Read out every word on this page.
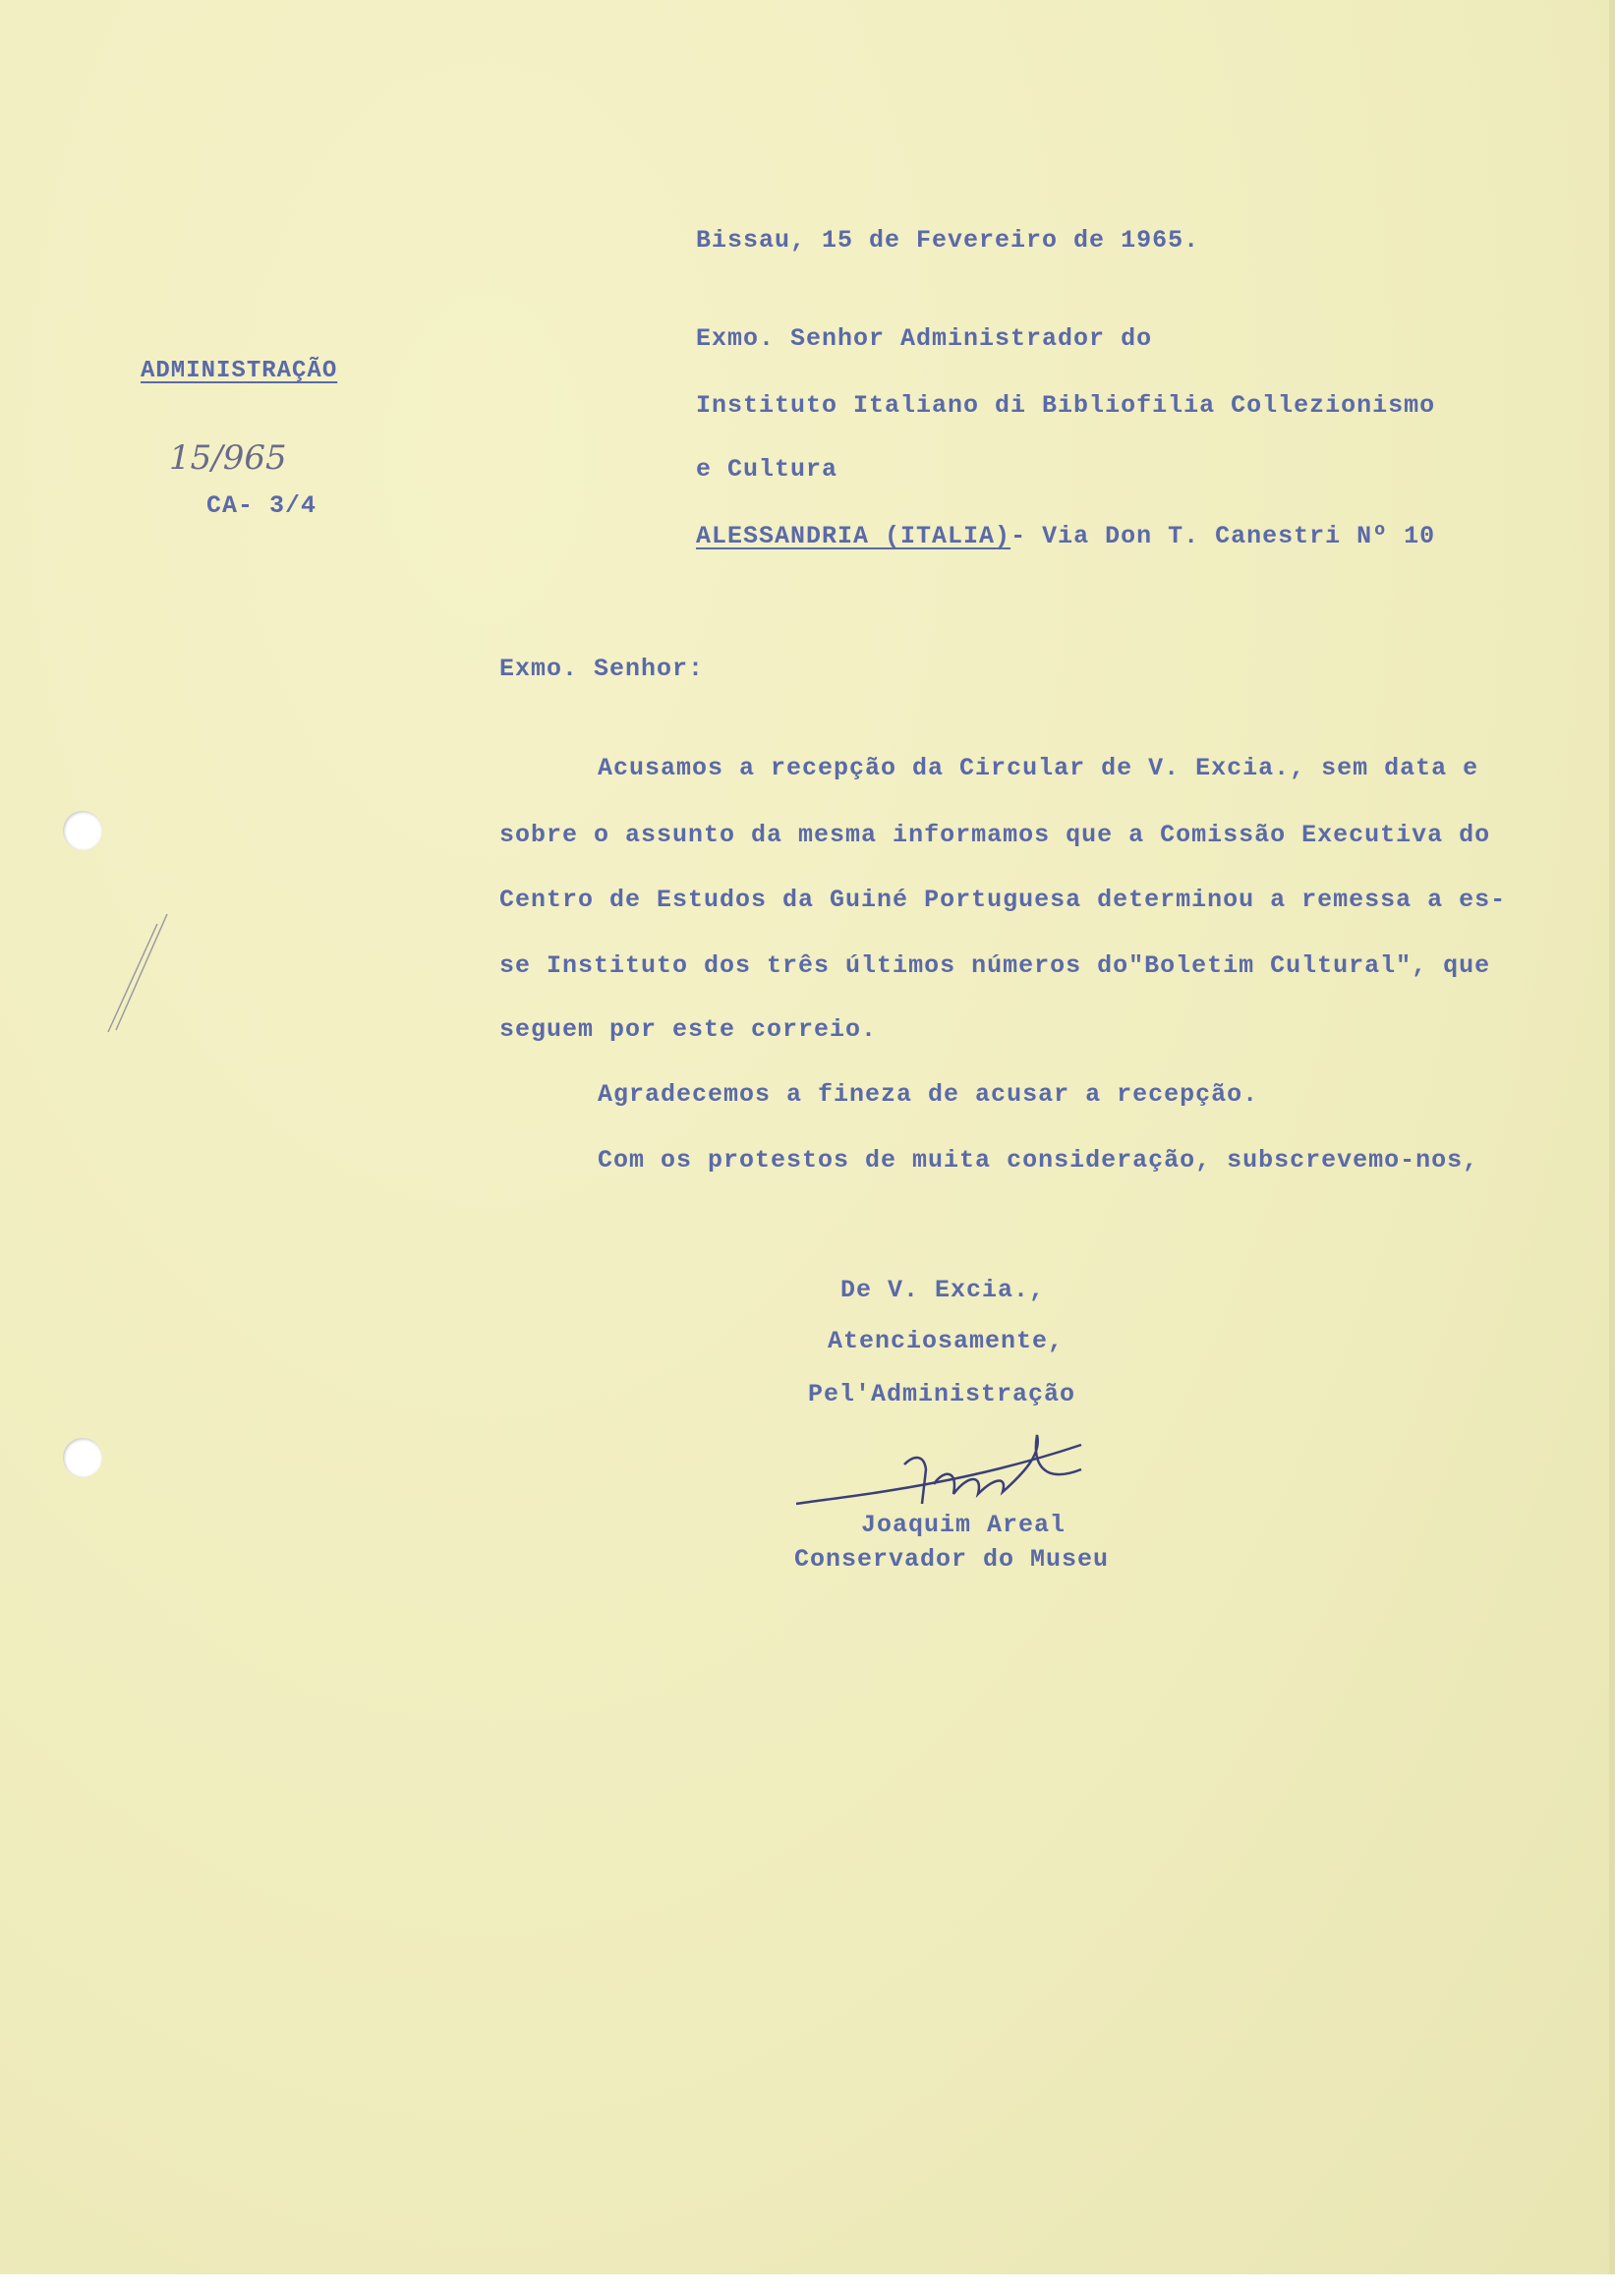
Bissau, 15 de Fevereiro de 1965.
Exmo. Senhor Administrador do
Instituto Italiano di Bibliofilia Collezionismo
e Cultura
ALESSANDRIA (ITALIA)- Via Don T. Canestri Nº 10
ADMINISTRAÇÃO
15/965
CA- 3/4
Exmo. Senhor:
Acusamos a recepção da Circular de V. Excia., sem data e
sobre o assunto da mesma informamos que a Comissão Executiva do
Centro de Estudos da Guiné Portuguesa determinou a remessa a es-
se Instituto dos três últimos números do"Boletim Cultural", que
seguem por este correio.
Agradecemos a fineza de acusar a recepção.
Com os protestos de muita consideração, subscrevemo-nos,
De V. Excia.,
Atenciosamente,
Pel'Administração
Joaquim Areal
Conservador do Museu
